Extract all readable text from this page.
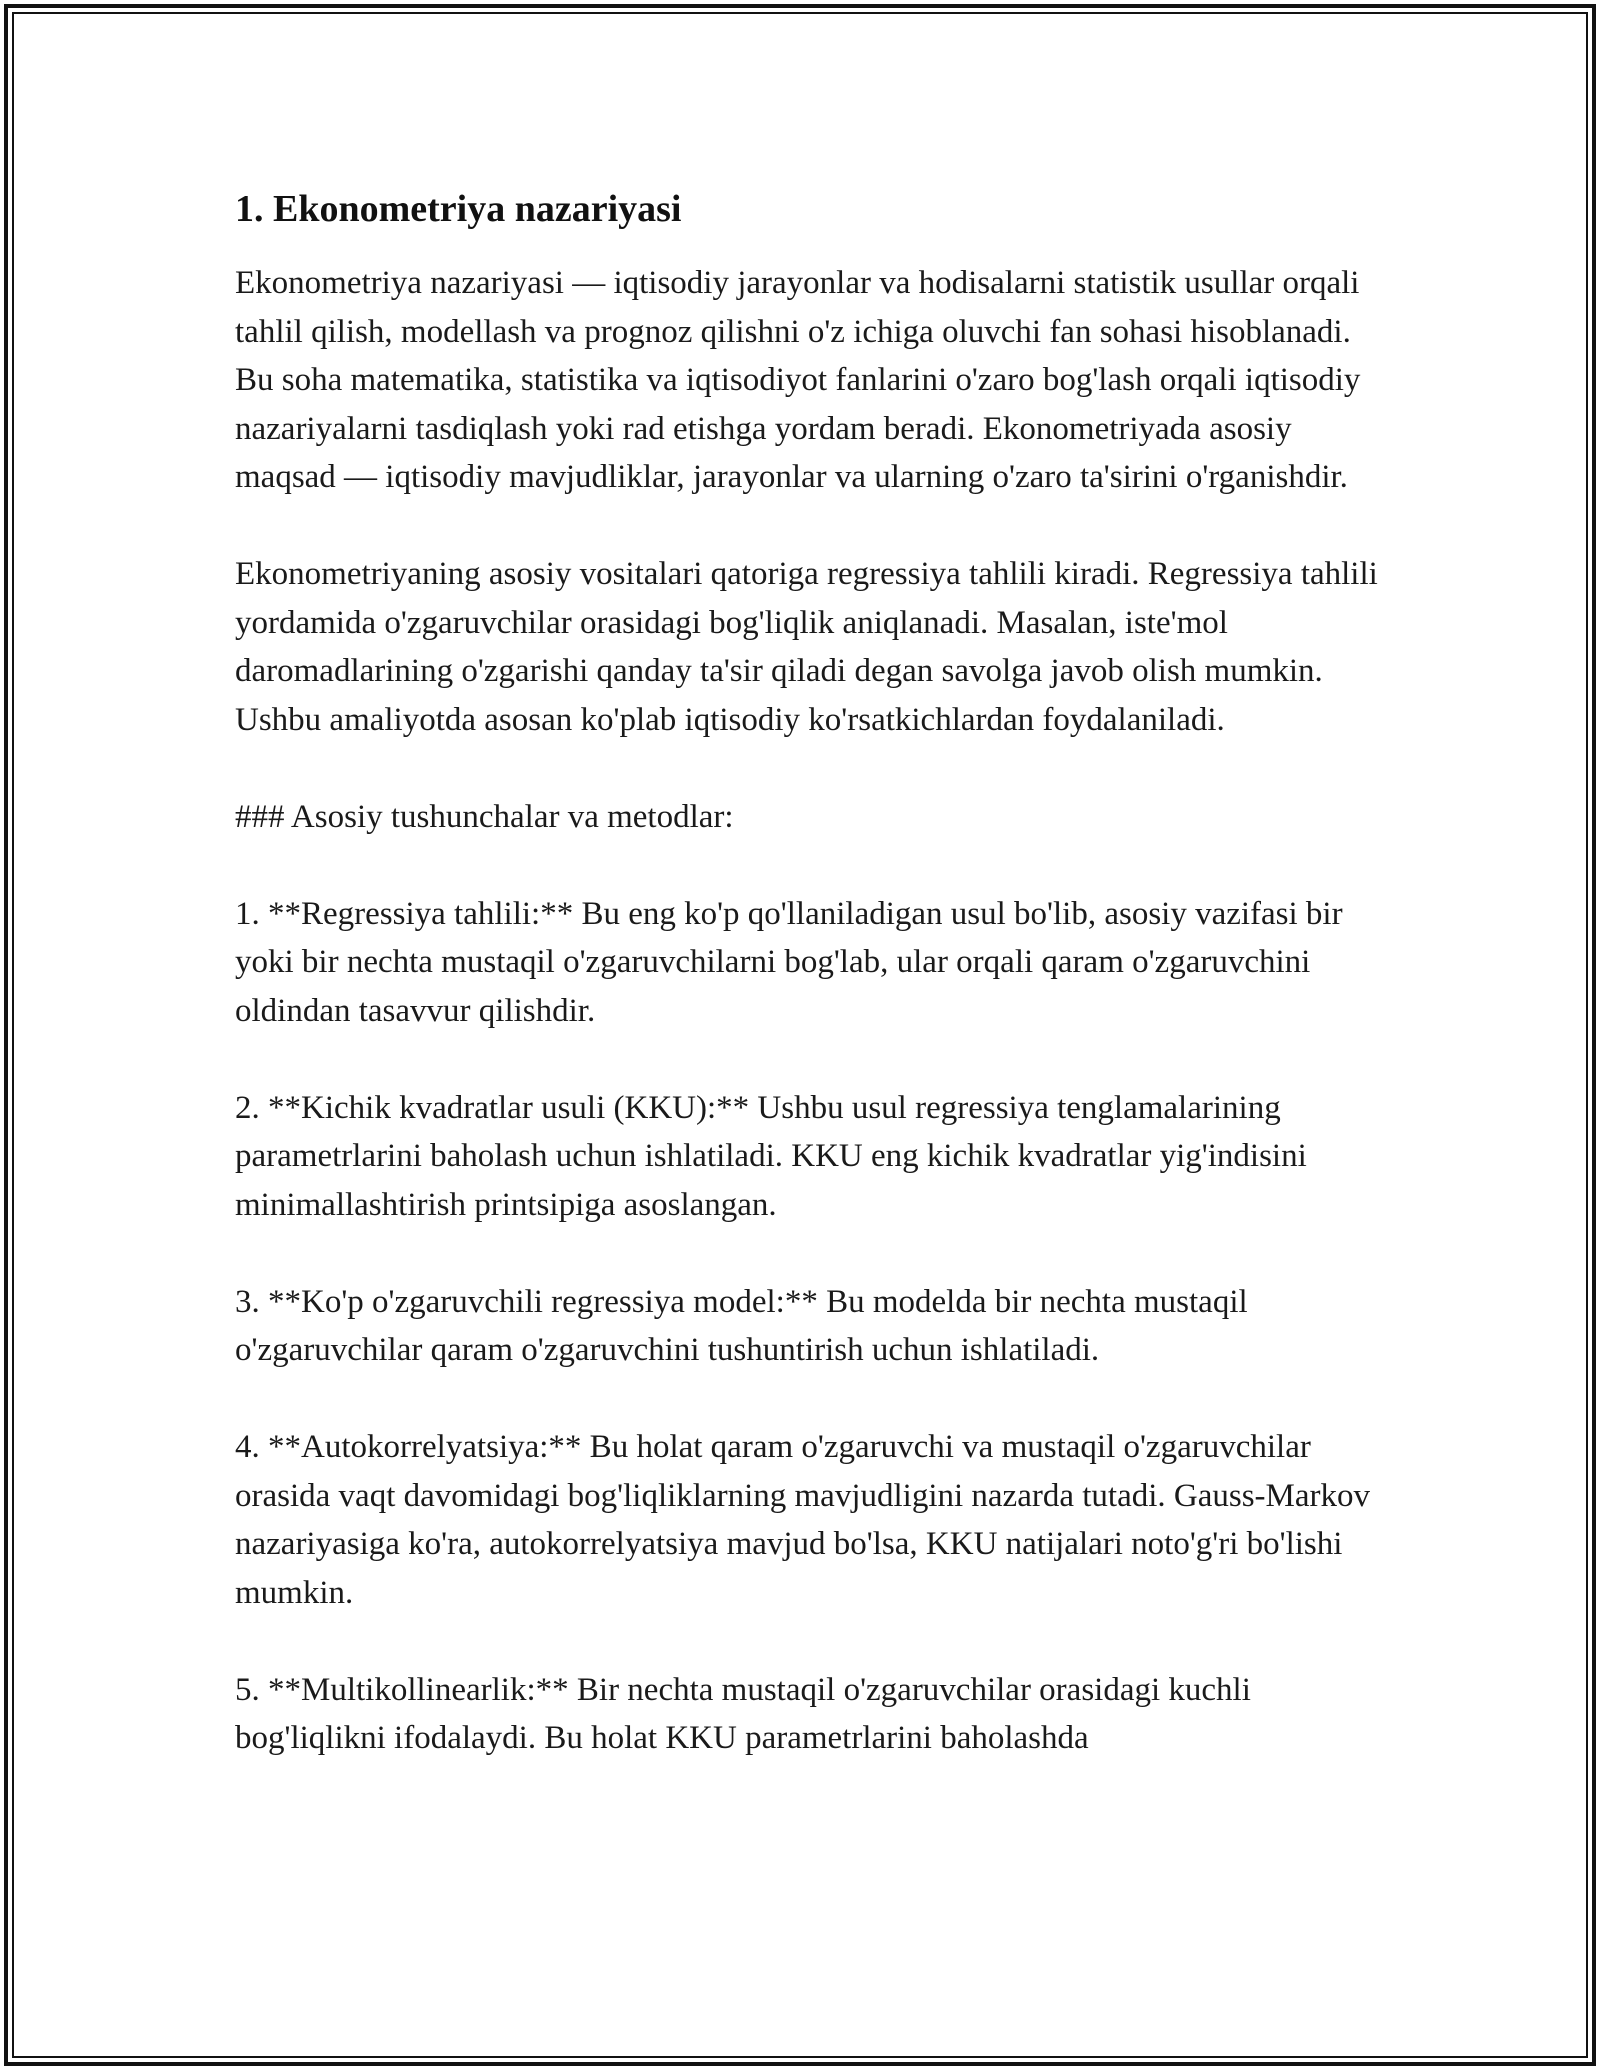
1. Ekonometriya nazariyasi

Ekonometriya nazariyasi — iqtisodiy jarayonlar va hodisalarni statistik usullar orqali tahlil qilish, modellash va prognoz qilishni o'z ichiga oluvchi fan sohasi hisoblanadi. Bu soha matematika, statistika va iqtisodiyot fanlarini o'zaro bog'lash orqali iqtisodiy nazariyalarni tasdiqlash yoki rad etishga yordam beradi. Ekonometriyada asosiy maqsad — iqtisodiy mavjudliklar, jarayonlar va ularning o'zaro ta'sirini o'rganishdir.

Ekonometriyaning asosiy vositalari qatoriga regressiya tahlili kiradi. Regressiya tahlili yordamida o'zgaruvchilar orasidagi bog'liqlik aniqlanadi. Masalan, iste'mol daromadlarining o'zgarishi qanday ta'sir qiladi degan savolga javob olish mumkin. Ushbu amaliyotda asosan ko'plab iqtisodiy ko'rsatkichlardan foydalaniladi.

### Asosiy tushunchalar va metodlar:

1. **Regressiya tahlili:** Bu eng ko'p qo'llaniladigan usul bo'lib, asosiy vazifasi bir yoki bir nechta mustaqil o'zgaruvchilarni bog'lab, ular orqali qaram o'zgaruvchini oldindan tasavvur qilishdir.

2. **Kichik kvadratlar usuli (KKU):** Ushbu usul regressiya tenglamalarining parametrlarini baholash uchun ishlatiladi. KKU eng kichik kvadratlar yig'indisini minimallashtirish printsipiga asoslangan.

3. **Ko'p o'zgaruvchili regressiya model:** Bu modelda bir nechta mustaqil o'zgaruvchilar qaram o'zgaruvchini tushuntirish uchun ishlatiladi.

4. **Autokorrelyatsiya:** Bu holat qaram o'zgaruvchi va mustaqil o'zgaruvchilar orasida vaqt davomidagi bog'liqliklarning mavjudligini nazarda tutadi. Gauss-Markov nazariyasiga ko'ra, autokorrelyatsiya mavjud bo'lsa, KKU natijalari noto'g'ri bo'lishi mumkin.

5. **Multikollinearlik:** Bir nechta mustaqil o'zgaruvchilar orasidagi kuchli bog'liqlikni ifodalaydi. Bu holat KKU parametrlarini baholashda
